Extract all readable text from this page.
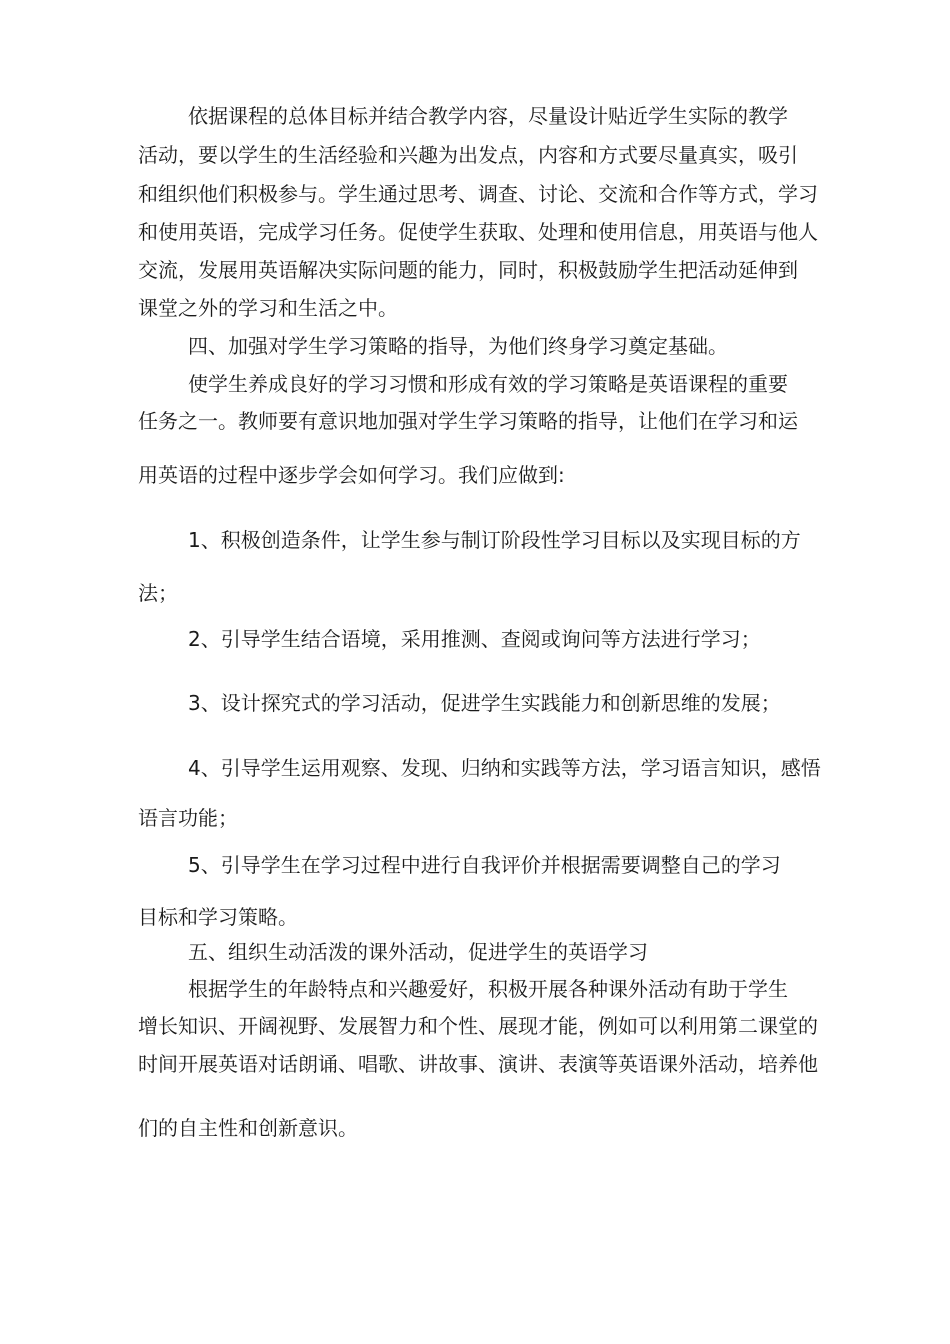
依据课程的总体目标并结合教学内容，尽量设计贴近学生实际的教学

活动，要以学生的生活经验和兴趣为出发点，内容和方式要尽量真实，吸引

和组织他们积极参与。学生通过思考、调查、讨论、交流和合作等方式，学习

和使用英语，完成学习任务。促使学生获取、处理和使用信息，用英语与他人

交流，发展用英语解决实际问题的能力，同时，积极鼓励学生把活动延伸到

课堂之外的学习和生活之中。

四、加强对学生学习策略的指导，为他们终身学习奠定基础。

使学生养成良好的学习习惯和形成有效的学习策略是英语课程的重要

任务之一。教师要有意识地加强对学生学习策略的指导，让他们在学习和运

用英语的过程中逐步学会如何学习。我们应做到:

1、积极创造条件，让学生参与制订阶段性学习目标以及实现目标的方

法；

2、引导学生结合语境，采用推测、查阅或询问等方法进行学习；

3、设计探究式的学习活动，促进学生实践能力和创新思维的发展；

4、引导学生运用观察、发现、归纳和实践等方法，学习语言知识，感悟

语言功能；

5、引导学生在学习过程中进行自我评价并根据需要调整自己的学习

目标和学习策略。

五、组织生动活泼的课外活动，促进学生的英语学习

根据学生的年龄特点和兴趣爱好，积极开展各种课外活动有助于学生

增长知识、开阔视野、发展智力和个性、展现才能，例如可以利用第二课堂的

时间开展英语对话朗诵、唱歌、讲故事、演讲、表演等英语课外活动，培养他

们的自主性和创新意识。
